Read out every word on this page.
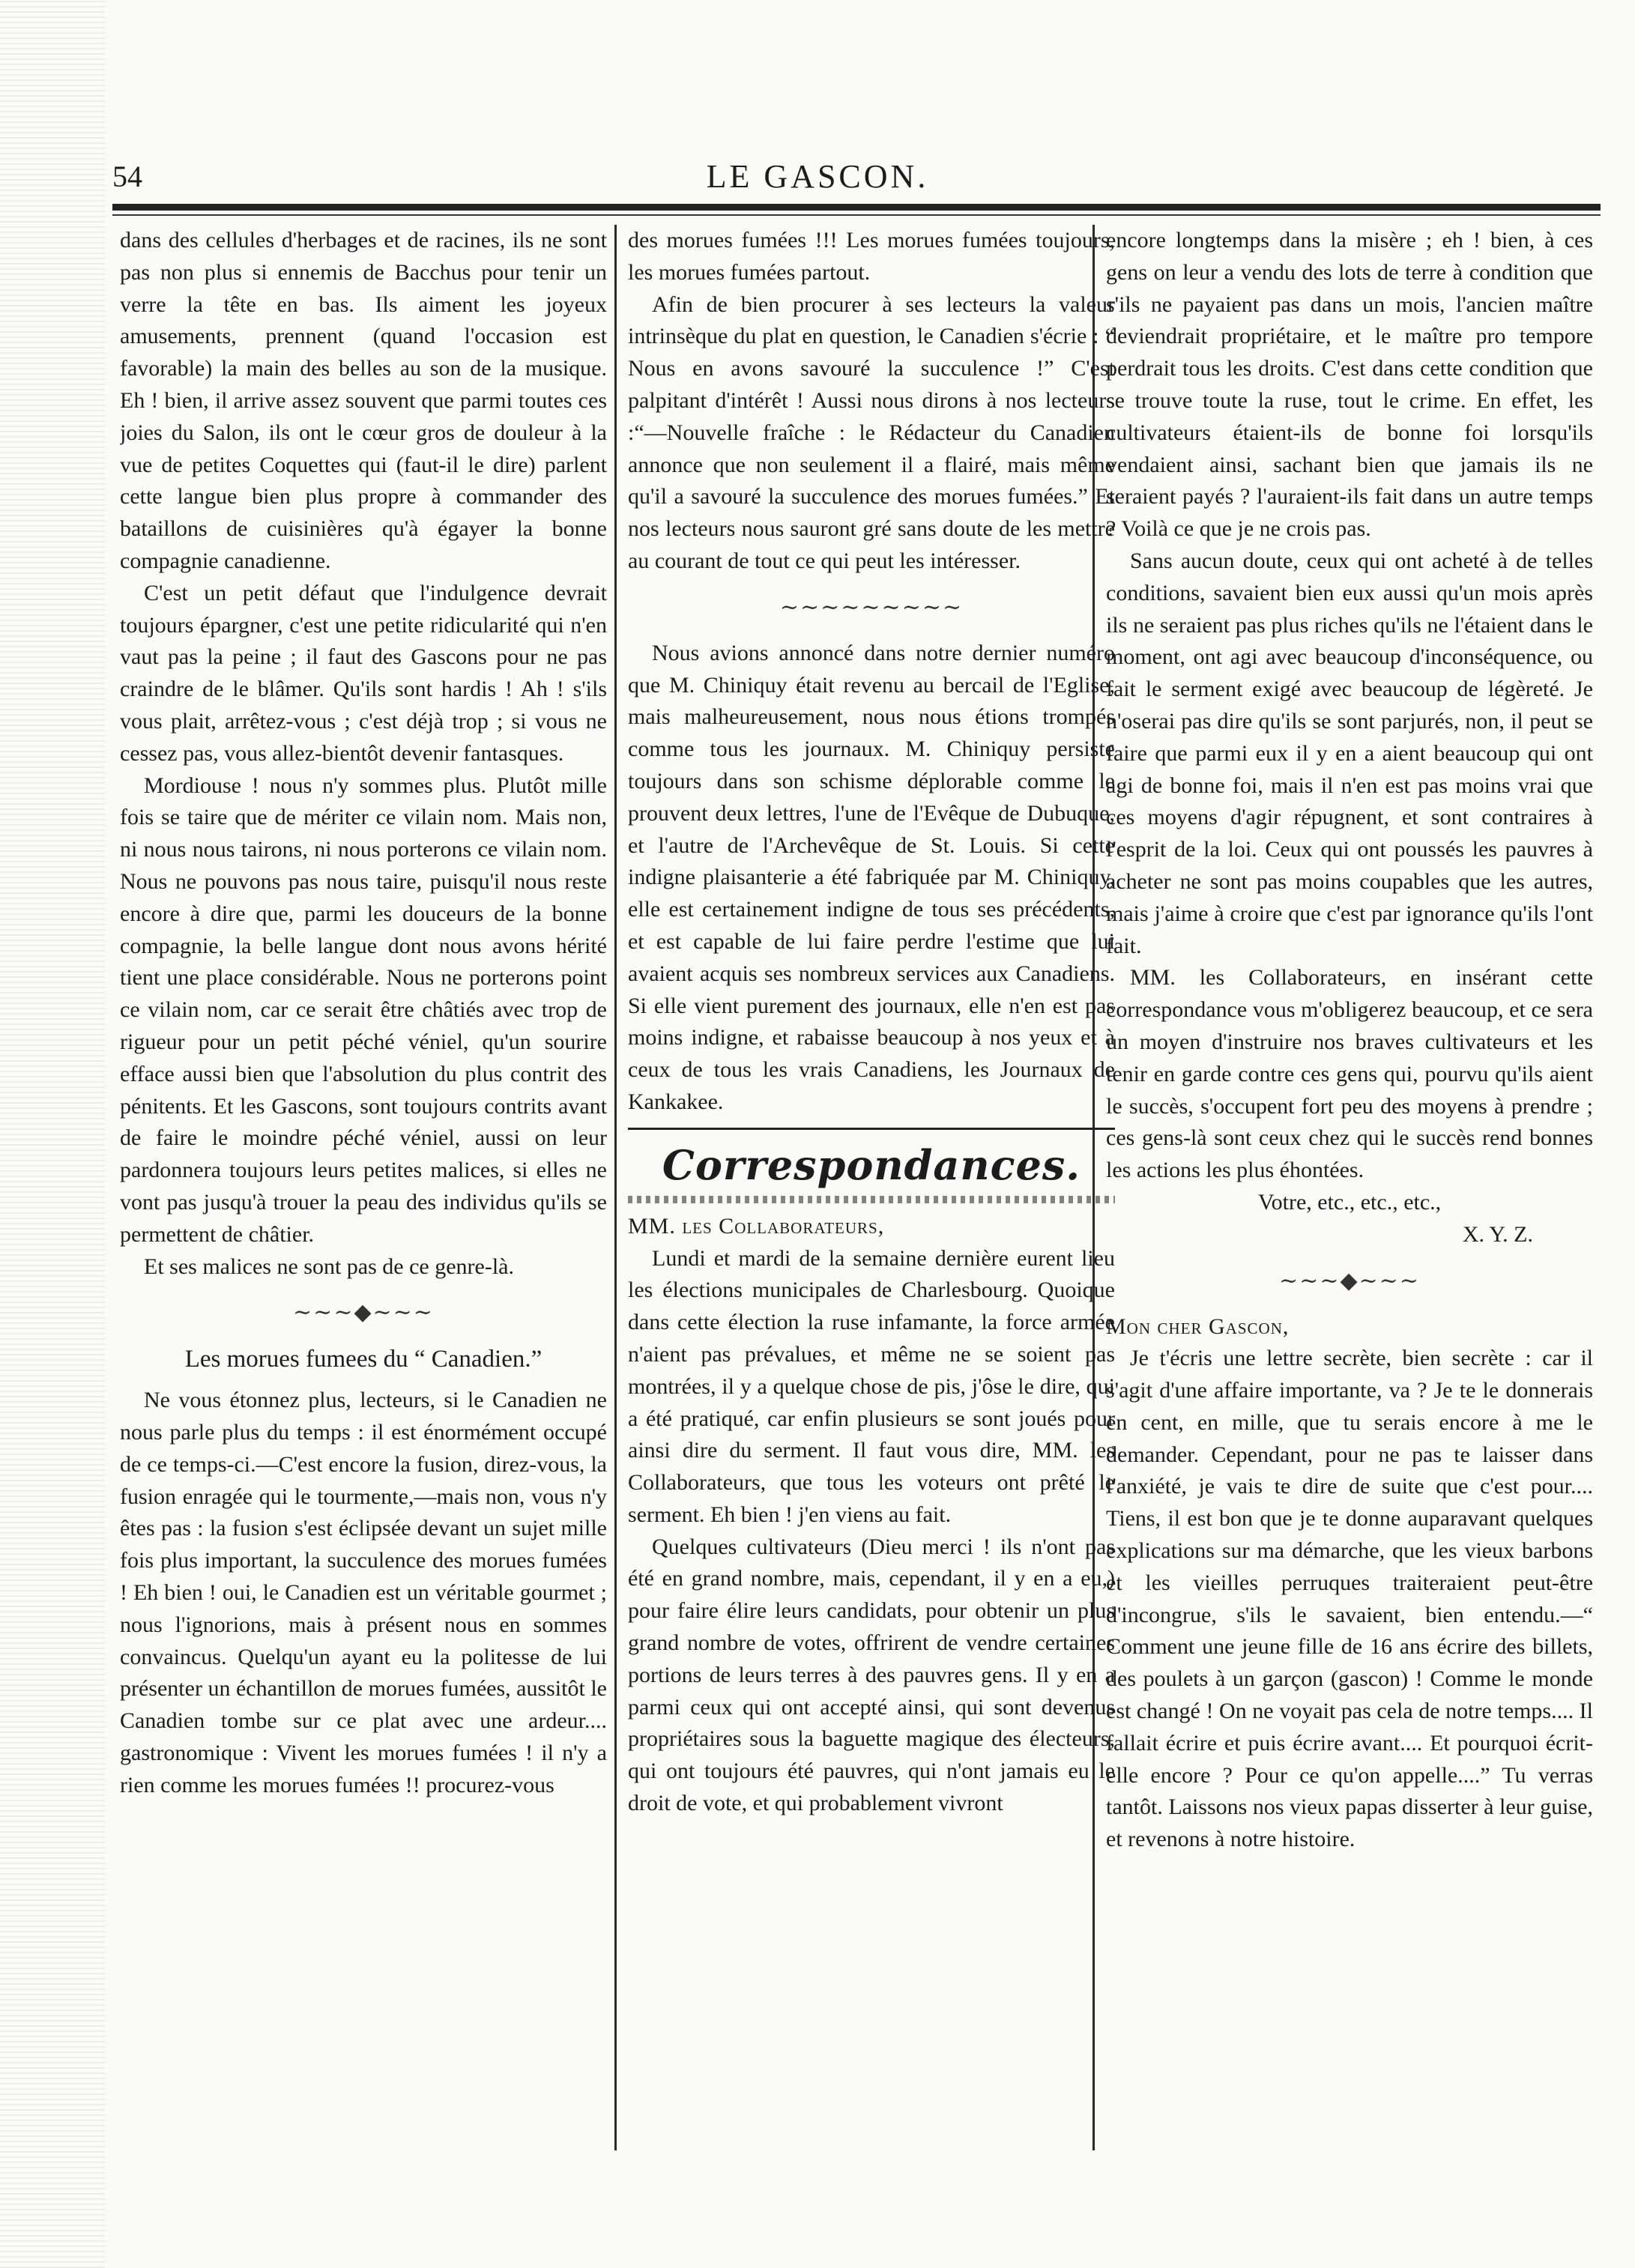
54	LE GASCON.

dans des cellules d'herbages et de racines, ils ne sont pas non plus si ennemis de Bacchus pour tenir un verre la tête en bas. Ils aiment les joyeux amusements, prennent (quand l'occasion est favorable) la main des belles au son de la musique. Eh ! bien, il arrive assez souvent que parmi toutes ces joies du Salon, ils ont le cœur gros de douleur à la vue de petites Coquettes qui (faut-il le dire) parlent cette langue bien plus propre à commander des bataillons de cuisinières qu'à égayer la bonne compagnie canadienne.

C'est un petit défaut que l'indulgence devrait toujours épargner, c'est une petite ridicularité qui n'en vaut pas la peine ; il faut des Gascons pour ne pas craindre de le blâmer. Qu'ils sont hardis ! Ah ! s'ils vous plait, arrêtez-vous ; c'est déjà trop ; si vous ne cessez pas, vous allez-bientôt devenir fantasques.

Mordiouse ! nous n'y sommes plus. Plutôt mille fois se taire que de mériter ce vilain nom. Mais non, ni nous nous tairons, ni nous porterons ce vilain nom. Nous ne pouvons pas nous taire, puisqu'il nous reste encore à dire que, parmi les douceurs de la bonne compagnie, la belle langue dont nous avons hérité tient une place considérable. Nous ne porterons point ce vilain nom, car ce serait être châtiés avec trop de rigueur pour un petit péché véniel, qu'un sourire efface aussi bien que l'absolution du plus contrit des pénitents. Et les Gascons, sont toujours contrits avant de faire le moindre péché véniel, aussi on leur pardonnera toujours leurs petites malices, si elles ne vont pas jusqu'à trouer la peau des individus qu'ils se permettent de châtier.

Et ses malices ne sont pas de ce genre-là.

~~~◆~~~
Les morues fumees du “ Canadien.”

Ne vous étonnez plus, lecteurs, si le Canadien ne nous parle plus du temps : il est énormément occupé de ce temps-ci.—C'est encore la fusion, direz-vous, la fusion enragée qui le tourmente,—mais non, vous n'y êtes pas : la fusion s'est éclipsée devant un sujet mille fois plus important, la succulence des morues fumées ! Eh bien ! oui, le Canadien est un véritable gourmet ; nous l'ignorions, mais à présent nous en sommes convaincus. Quelqu'un ayant eu la politesse de lui présenter un échantillon de morues fumées, aussitôt le Canadien tombe sur ce plat avec une ardeur.... gastronomique : Vivent les morues fumées ! il n'y a rien comme les morues fumées !! procurez-vous

des morues fumées !!! Les morues fumées toujours, les morues fumées partout.

Afin de bien procurer à ses lecteurs la valeur intrinsèque du plat en question, le Canadien s'écrie : “ Nous en avons savouré la succulence !” C'est palpitant d'intérêt ! Aussi nous dirons à nos lecteurs :“—Nouvelle fraîche : le Rédacteur du Canadien annonce que non seulement il a flairé, mais même qu'il a savouré la succulence des morues fumées.” Et nos lecteurs nous sauront gré sans doute de les mettre au courant de tout ce qui peut les intéresser.

~~~~~~~~~

Nous avions annoncé dans notre dernier numéro que M. Chiniquy était revenu au bercail de l'Eglise, mais malheureusement, nous nous étions trompés comme tous les journaux. M. Chiniquy persiste toujours dans son schisme déplorable comme le prouvent deux lettres, l'une de l'Evêque de Dubuque, et l'autre de l'Archevêque de St. Louis. Si cette indigne plaisanterie a été fabriquée par M. Chiniquy, elle est certainement indigne de tous ses précédents, et est capable de lui faire perdre l'estime que lui avaient acquis ses nombreux services aux Canadiens. Si elle vient purement des journaux, elle n'en est pas moins indigne, et rabaisse beaucoup à nos yeux et à ceux de tous les vrais Canadiens, les Journaux de Kankakee.

Correspondances.
MM. les Collaborateurs,

Lundi et mardi de la semaine dernière eurent lieu les élections municipales de Charlesbourg. Quoique dans cette élection la ruse infamante, la force armée n'aient pas prévalues, et même ne se soient pas montrées, il y a quelque chose de pis, j'ôse le dire, qui a été pratiqué, car enfin plusieurs se sont joués pour ainsi dire du serment. Il faut vous dire, MM. les Collaborateurs, que tous les voteurs ont prêté le serment. Eh bien ! j'en viens au fait.

Quelques cultivateurs (Dieu merci ! ils n'ont pas été en grand nombre, mais, cependant, il y en a eu,) pour faire élire leurs candidats, pour obtenir un plus grand nombre de votes, offrirent de vendre certaines portions de leurs terres à des pauvres gens. Il y en a parmi ceux qui ont accepté ainsi, qui sont devenus propriétaires sous la baguette magique des électeurs, qui ont toujours été pauvres, qui n'ont jamais eu le droit de vote, et qui probablement vivront

encore longtemps dans la misère ; eh ! bien, à ces gens on leur a vendu des lots de terre à condition que s'ils ne payaient pas dans un mois, l'ancien maître deviendrait propriétaire, et le maître pro tempore perdrait tous les droits. C'est dans cette condition que se trouve toute la ruse, tout le crime. En effet, les cultivateurs étaient-ils de bonne foi lorsqu'ils vendaient ainsi, sachant bien que jamais ils ne seraient payés ? l'auraient-ils fait dans un autre temps ? Voilà ce que je ne crois pas.

Sans aucun doute, ceux qui ont acheté à de telles conditions, savaient bien eux aussi qu'un mois après ils ne seraient pas plus riches qu'ils ne l'étaient dans le moment, ont agi avec beaucoup d'inconséquence, ou fait le serment exigé avec beaucoup de légèreté. Je n'oserai pas dire qu'ils se sont parjurés, non, il peut se faire que parmi eux il y en a aient beaucoup qui ont agi de bonne foi, mais il n'en est pas moins vrai que ces moyens d'agir répugnent, et sont contraires à l'esprit de la loi. Ceux qui ont poussés les pauvres à acheter ne sont pas moins coupables que les autres, mais j'aime à croire que c'est par ignorance qu'ils l'ont fait.

MM. les Collaborateurs, en insérant cette correspondance vous m'obligerez beaucoup, et ce sera un moyen d'instruire nos braves cultivateurs et les tenir en garde contre ces gens qui, pourvu qu'ils aient le succès, s'occupent fort peu des moyens à prendre ; ces gens-là sont ceux chez qui le succès rend bonnes les actions les plus éhontées.

Votre, etc., etc., etc.,
X. Y. Z.
~~~◆~~~
Mon cher Gascon,

Je t'écris une lettre secrète, bien secrète : car il s'agit d'une affaire importante, va ? Je te le donnerais en cent, en mille, que tu serais encore à me le demander. Cependant, pour ne pas te laisser dans l'anxiété, je vais te dire de suite que c'est pour.... Tiens, il est bon que je te donne auparavant quelques explications sur ma démarche, que les vieux barbons et les vieilles perruques traiteraient peut-être d'incongrue, s'ils le savaient, bien entendu.—“ Comment une jeune fille de 16 ans écrire des billets, des poulets à un garçon (gascon) ! Comme le monde est changé ! On ne voyait pas cela de notre temps.... Il fallait écrire et puis écrire avant.... Et pourquoi écrit-elle encore ? Pour ce qu'on appelle....” Tu verras tantôt. Laissons nos vieux papas disserter à leur guise, et revenons à notre histoire.
